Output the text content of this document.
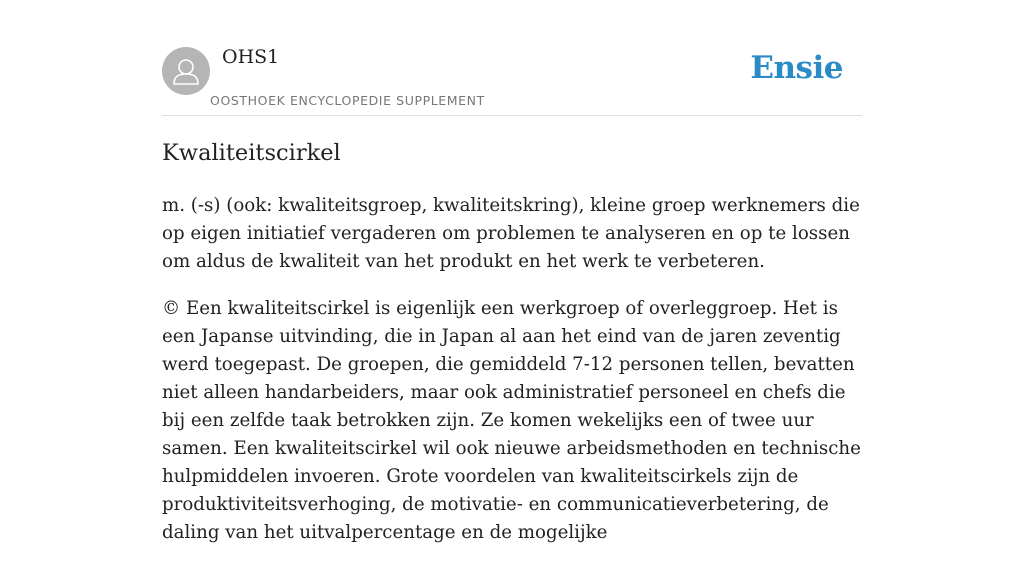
OHS1
OOSTHOEK ENCYCLOPEDIE SUPPLEMENT
Ensie
Kwaliteitscirkel

m. (-s) (ook: kwaliteitsgroep, kwaliteitskring), kleine groep werknemers die op eigen initiatief vergaderen om problemen te analyseren en op te lossen om aldus de kwaliteit van het produkt en het werk te verbeteren.

© Een kwaliteitscirkel is eigenlijk een werkgroep of overleggroep. Het is een Japanse uitvinding, die in Japan al aan het eind van de jaren zeventig werd toegepast. De groepen, die gemiddeld 7-12 personen tellen, bevatten niet alleen handarbeiders, maar ook administratief personeel en chefs die bij een zelfde taak betrokken zijn. Ze komen wekelijks een of twee uur samen. Een kwaliteitscirkel wil ook nieuwe arbeidsmethoden en technische hulpmiddelen invoeren. Grote voordelen van kwaliteitscirkels zijn de produktiviteitsverhoging, de motivatie- en communicatieverbetering, de daling van het uitvalpercentage en de mogelijke
